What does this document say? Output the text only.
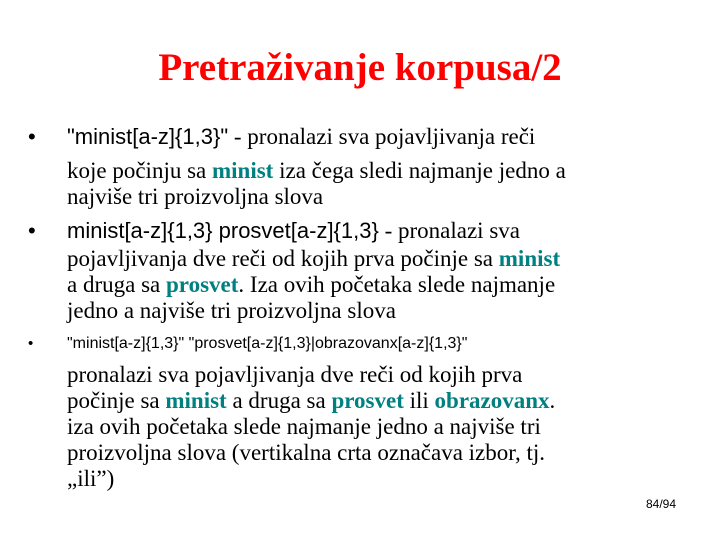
Pretraživanje korpusa/2
• "minist[a-z]{1,3}" - pronalazi sva pojavljivanja reči
koje počinju sa minist iza čega sledi najmanje jedno a
najviše tri proizvoljna slova
• minist[a-z]{1,3} prosvet[a-z]{1,3} - pronalazi sva
pojavljivanja dve reči od kojih prva počinje sa minist
a druga sa prosvet. Iza ovih početaka slede najmanje
jedno a najviše tri proizvoljna slova
• "minist[a-z]{1,3}" "prosvet[a-z]{1,3}|obrazovanx[a-z]{1,3}"
pronalazi sva pojavljivanja dve reči od kojih prva
počinje sa minist a druga sa prosvet ili obrazovanx.
iza ovih početaka slede najmanje jedno a najviše tri
proizvoljna slova (vertikalna crta označava izbor, tj.
„ili”)
84/94
